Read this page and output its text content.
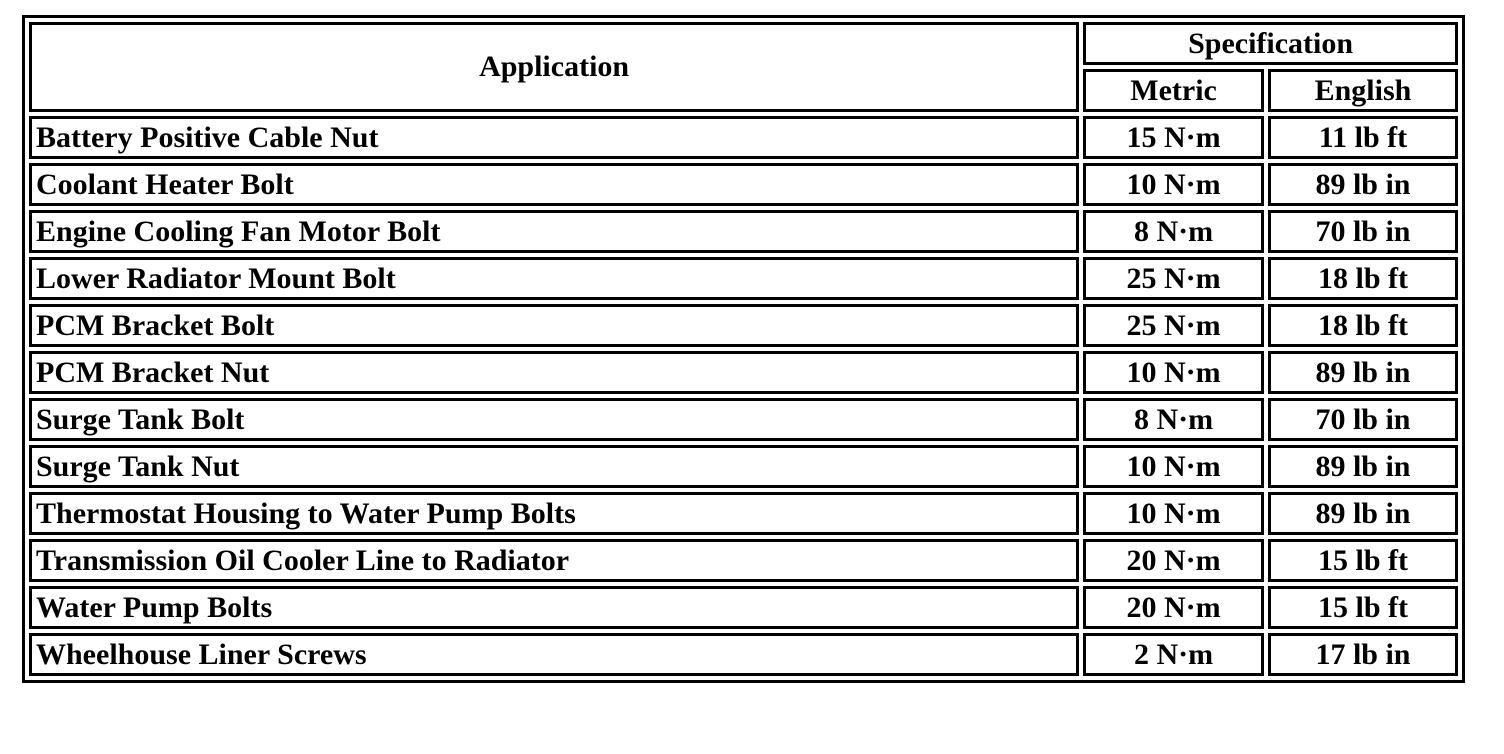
Application	Specification	
	Metric	English
Battery Positive Cable Nut	15 N·m	11 lb ft
Coolant Heater Bolt	10 N·m	89 lb in
Engine Cooling Fan Motor Bolt	8 N·m	70 lb in
Lower Radiator Mount Bolt	25 N·m	18 lb ft
PCM Bracket Bolt	25 N·m	18 lb ft
PCM Bracket Nut	10 N·m	89 lb in
Surge Tank Bolt	8 N·m	70 lb in
Surge Tank Nut	10 N·m	89 lb in
Thermostat Housing to Water Pump Bolts	10 N·m	89 lb in
Transmission Oil Cooler Line to Radiator	20 N·m	15 lb ft
Water Pump Bolts	20 N·m	15 lb ft
Wheelhouse Liner Screws	2 N·m	17 lb in
